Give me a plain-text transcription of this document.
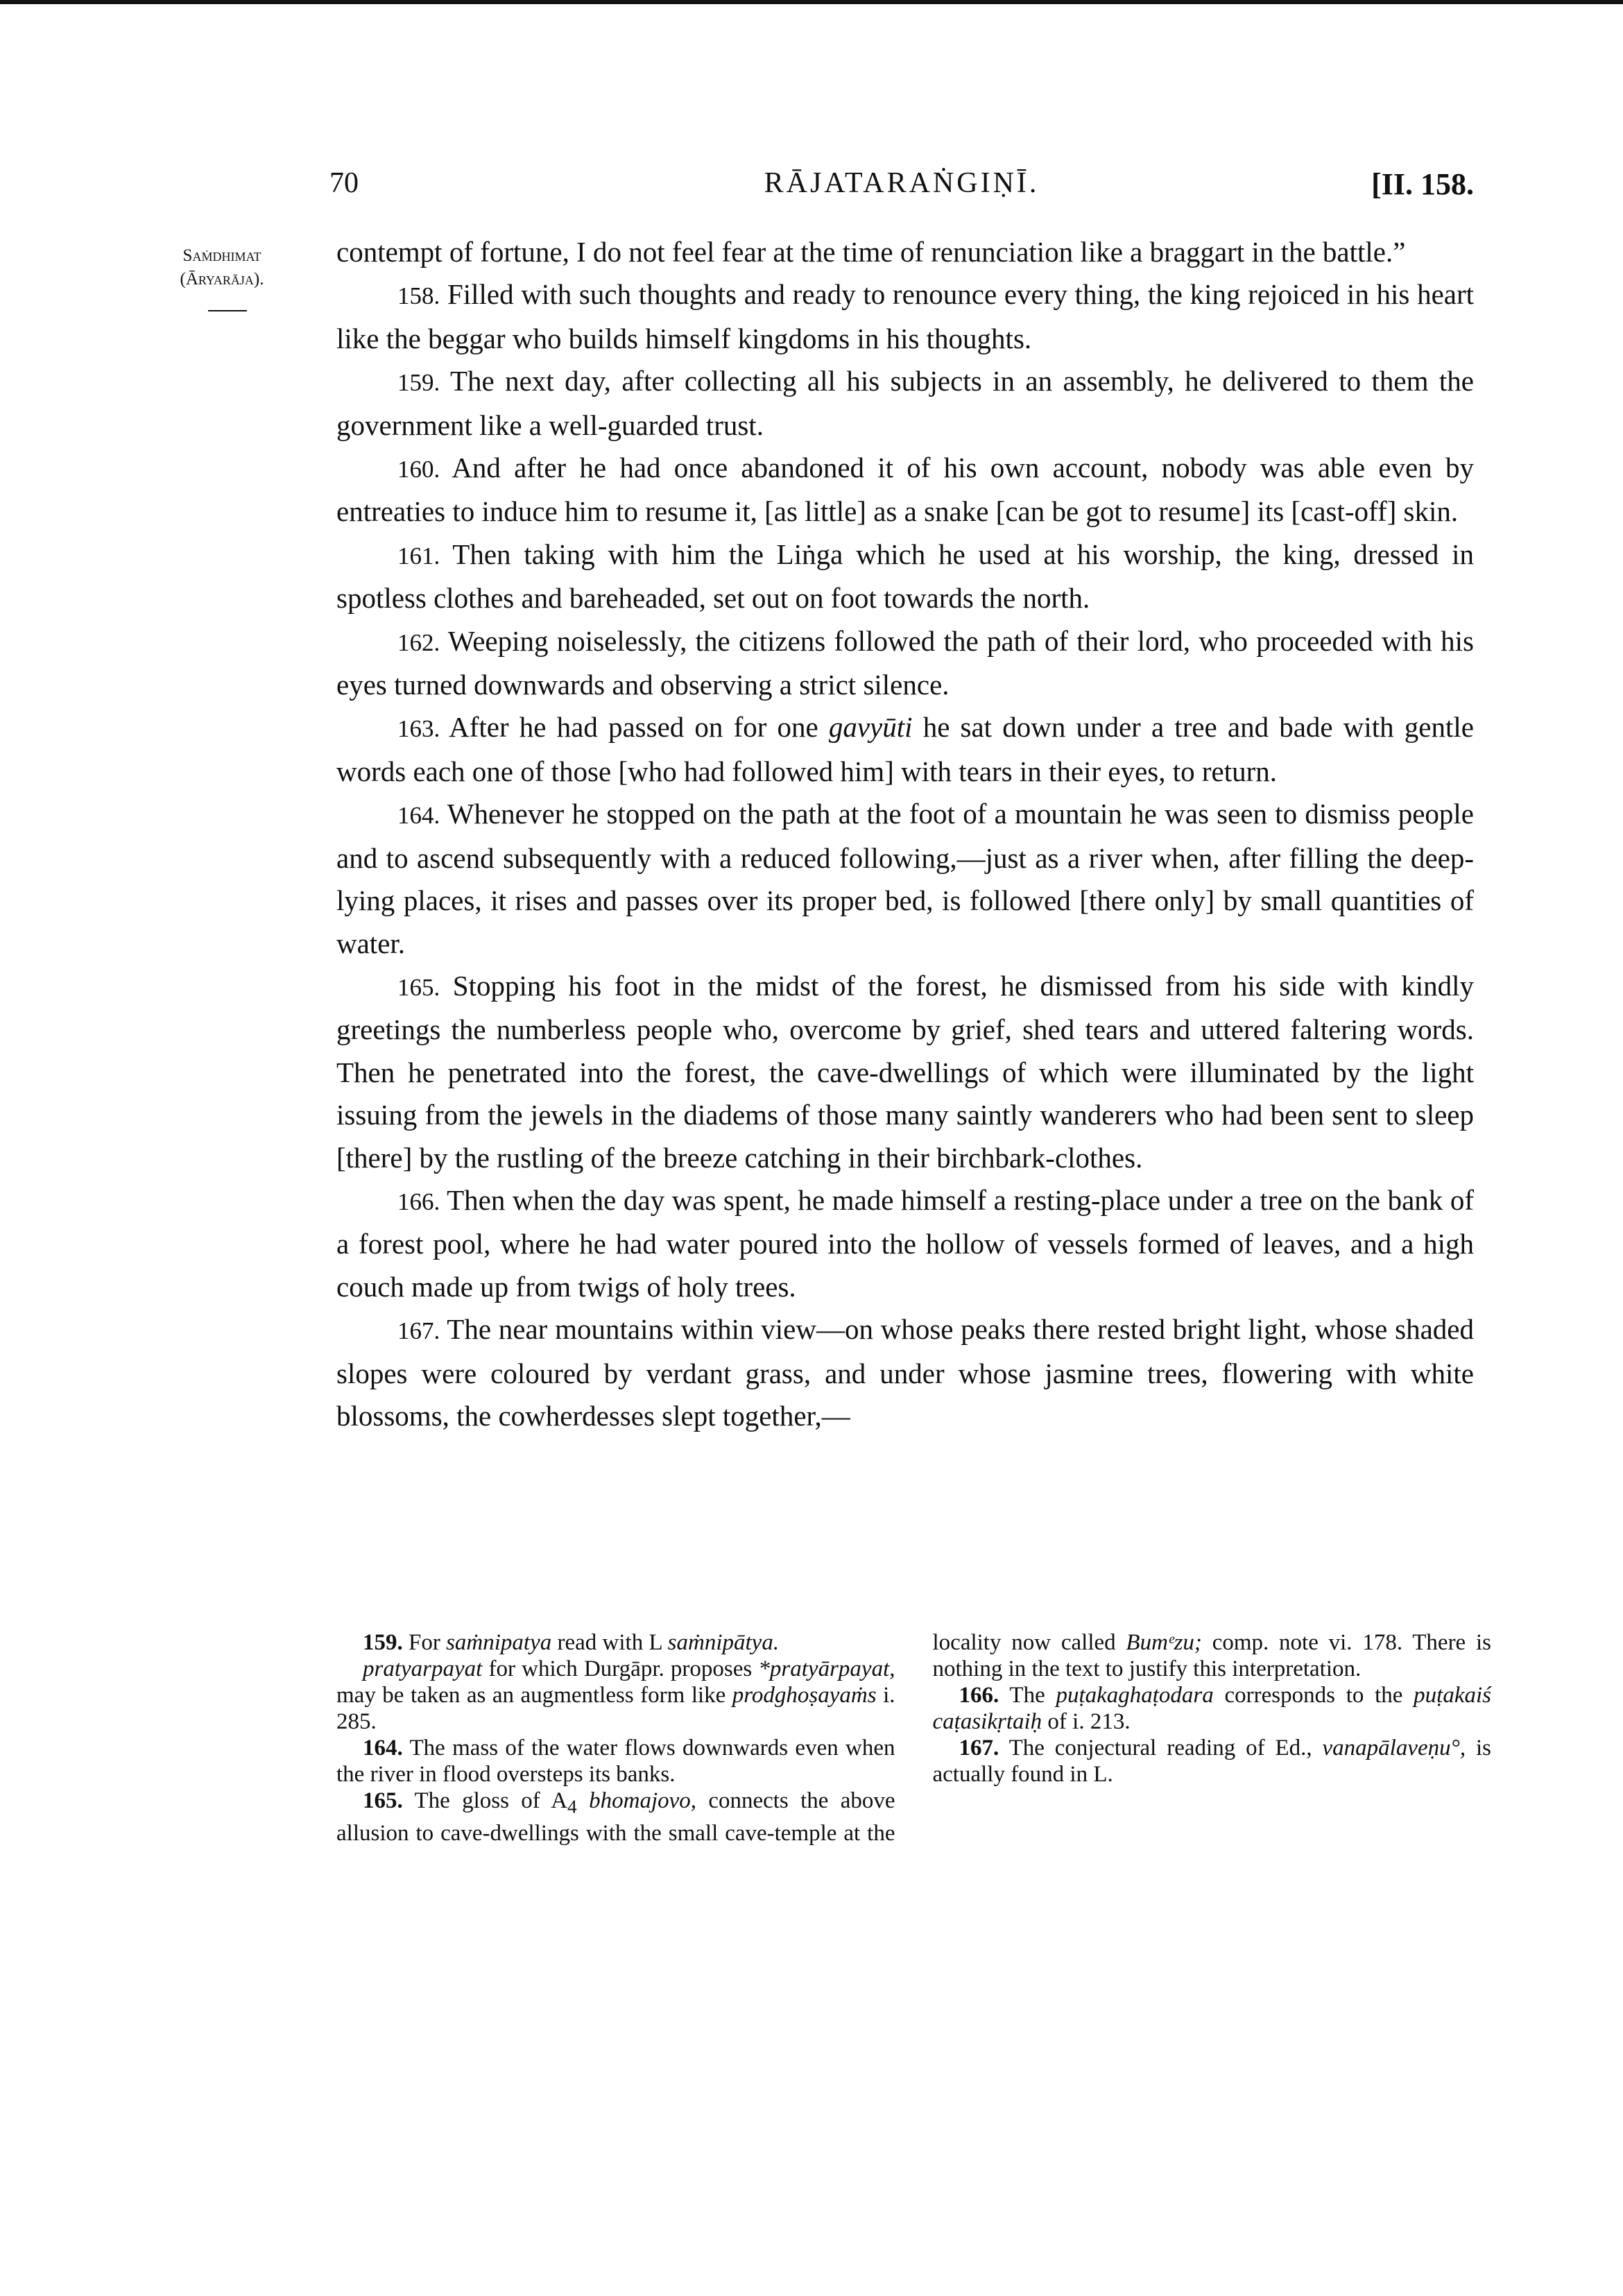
70	RĀJATARAṄGIṆĪ.	[II. 158.
Saṁdhimat
(Āryarāja).

contempt of fortune, I do not feel fear at the time of renunciation like a braggart in the battle.”

158. Filled with such thoughts and ready to renounce every thing, the king rejoiced in his heart like the beggar who builds himself kingdoms in his thoughts.

159. The next day, after collecting all his subjects in an assembly, he delivered to them the government like a well-guarded trust.

160. And after he had once abandoned it of his own account, nobody was able even by entreaties to induce him to resume it, [as little] as a snake [can be got to resume] its [cast-off] skin.

161. Then taking with him the Liṅga which he used at his worship, the king, dressed in spotless clothes and bareheaded, set out on foot towards the north.

162. Weeping noiselessly, the citizens followed the path of their lord, who proceeded with his eyes turned downwards and observing a strict silence.

163. After he had passed on for one gavyūti he sat down under a tree and bade with gentle words each one of those [who had followed him] with tears in their eyes, to return.

164. Whenever he stopped on the path at the foot of a mountain he was seen to dismiss people and to ascend subsequently with a reduced following,—just as a river when, after filling the deep-lying places, it rises and passes over its proper bed, is followed [there only] by small quantities of water.

165. Stopping his foot in the midst of the forest, he dismissed from his side with kindly greetings the numberless people who, overcome by grief, shed tears and uttered faltering words. Then he penetrated into the forest, the cave-dwellings of which were illuminated by the light issuing from the jewels in the diadems of those many saintly wanderers who had been sent to sleep [there] by the rustling of the breeze catching in their birchbark-clothes.

166. Then when the day was spent, he made himself a resting-place under a tree on the bank of a forest pool, where he had water poured into the hollow of vessels formed of leaves, and a high couch made up from twigs of holy trees.

167. The near mountains within view—on whose peaks there rested bright light, whose shaded slopes were coloured by verdant grass, and under whose jasmine trees, flowering with white blossoms, the cowherdesses slept together,—

159. For saṁnipatya read with L saṁnipātya.

pratyarpayat for which Durgāpr. proposes *pratyārpayat, may be taken as an augmentless form like prodghoṣayaṁs i. 285.

164. The mass of the water flows downwards even when the river in flood oversteps its banks.

165. The gloss of $A_4$ bhomajovo, connects the above allusion to cave-dwellings with the small cave-temple at the locality now called Bumᵉzu; comp. note vi. 178. There is nothing in the text to justify this interpretation.

166. The puṭakaghaṭodara corresponds to the puṭakaiś caṭasikṛtaiḥ of i. 213.

167. The conjectural reading of Ed., vanapālaveṇu°, is actually found in L.
